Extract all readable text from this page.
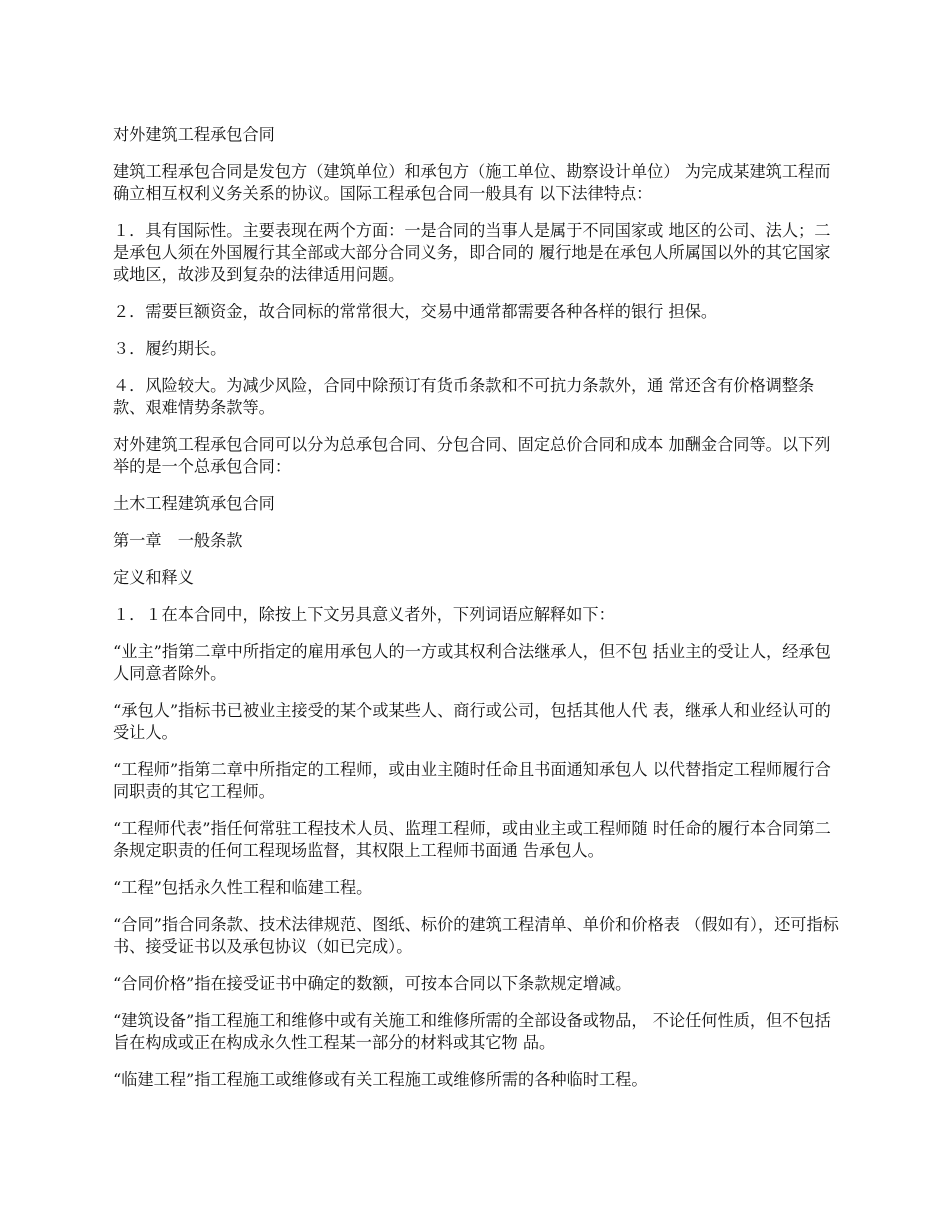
对外建筑工程承包合同

建筑工程承包合同是发包方（建筑单位）和承包方（施工单位、勘察设计单位） 为完成某建筑工程而确立相互权利义务关系的协议。国际工程承包合同一般具有 以下法律特点：

１．具有国际性。主要表现在两个方面：一是合同的当事人是属于不同国家或 地区的公司、法人；二是承包人须在外国履行其全部或大部分合同义务，即合同的 履行地是在承包人所属国以外的其它国家或地区，故涉及到复杂的法律适用问题。

２．需要巨额资金，故合同标的常常很大，交易中通常都需要各种各样的银行 担保。

３．履约期长。

４．风险较大。为减少风险，合同中除预订有货币条款和不可抗力条款外，通 常还含有价格调整条款、艰难情势条款等。

对外建筑工程承包合同可以分为总承包合同、分包合同、固定总价合同和成本 加酬金合同等。以下列举的是一个总承包合同：

土木工程建筑承包合同

第一章　一般条款

定义和释义

１．１在本合同中，除按上下文另具意义者外，下列词语应解释如下：

“业主”指第二章中所指定的雇用承包人的一方或其权利合法继承人，但不包 括业主的受让人，经承包人同意者除外。

“承包人”指标书已被业主接受的某个或某些人、商行或公司，包括其他人代 表，继承人和业经认可的受让人。

“工程师”指第二章中所指定的工程师，或由业主随时任命且书面通知承包人 以代替指定工程师履行合同职责的其它工程师。

“工程师代表”指任何常驻工程技术人员、监理工程师，或由业主或工程师随 时任命的履行本合同第二条规定职责的任何工程现场监督，其权限上工程师书面通 告承包人。

“工程”包括永久性工程和临建工程。

“合同”指合同条款、技术法律规范、图纸、标价的建筑工程清单、单价和价格表 （假如有），还可指标书、接受证书以及承包协议（如已完成）。

“合同价格”指在接受证书中确定的数额，可按本合同以下条款规定增减。

“建筑设备”指工程施工和维修中或有关施工和维修所需的全部设备或物品， 不论任何性质，但不包括旨在构成或正在构成永久性工程某一部分的材料或其它物 品。

“临建工程”指工程施工或维修或有关工程施工或维修所需的各种临时工程。
